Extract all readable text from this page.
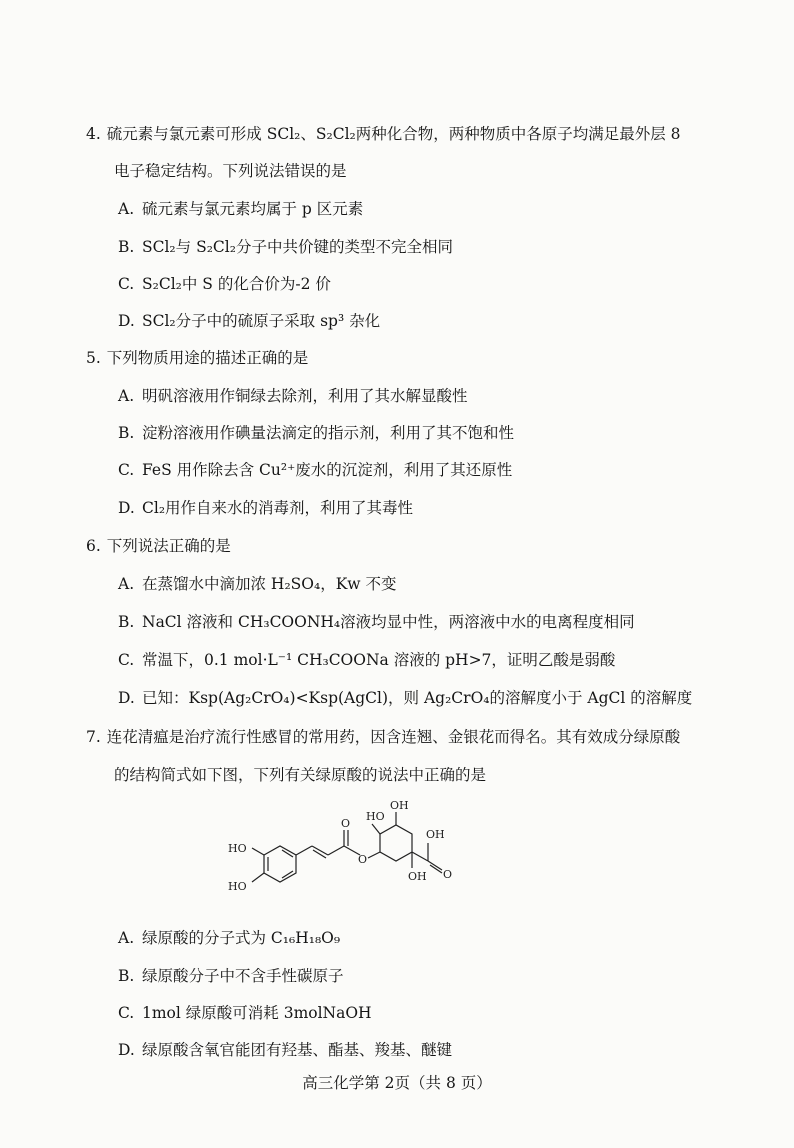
4. 硫元素与氯元素可形成 SCl₂、S₂Cl₂两种化合物，两种物质中各原子均满足最外层 8
电子稳定结构。下列说法错误的是
A. 硫元素与氯元素均属于 p 区元素
B. SCl₂与 S₂Cl₂分子中共价键的类型不完全相同
C. S₂Cl₂中 S 的化合价为-2 价
D. SCl₂分子中的硫原子采取 sp³ 杂化
5. 下列物质用途的描述正确的是
A. 明矾溶液用作铜绿去除剂，利用了其水解显酸性
B. 淀粉溶液用作碘量法滴定的指示剂，利用了其不饱和性
C. FeS 用作除去含 Cu²⁺废水的沉淀剂，利用了其还原性
D. Cl₂用作自来水的消毒剂，利用了其毒性
6. 下列说法正确的是
A. 在蒸馏水中滴加浓 H₂SO₄，Kw 不变
B. NaCl 溶液和 CH₃COONH₄溶液均显中性，两溶液中水的电离程度相同
C. 常温下，0.1 mol·L⁻¹ CH₃COONa 溶液的 pH>7，证明乙酸是弱酸
D. 已知：Ksp(Ag₂CrO₄)<Ksp(AgCl)，则 Ag₂CrO₄的溶解度小于 AgCl 的溶解度
7. 连花清瘟是治疗流行性感冒的常用药，因含连翘、金银花而得名。其有效成分绿原酸
的结构简式如下图，下列有关绿原酸的说法中正确的是
HO
HO
O
O
HO
OH
OH
OH
O
A. 绿原酸的分子式为 C₁₆H₁₈O₉
B. 绿原酸分子中不含手性碳原子
C. 1mol 绿原酸可消耗 3molNaOH
D. 绿原酸含氧官能团有羟基、酯基、羧基、醚键
高三化学第 2页（共 8 页）
